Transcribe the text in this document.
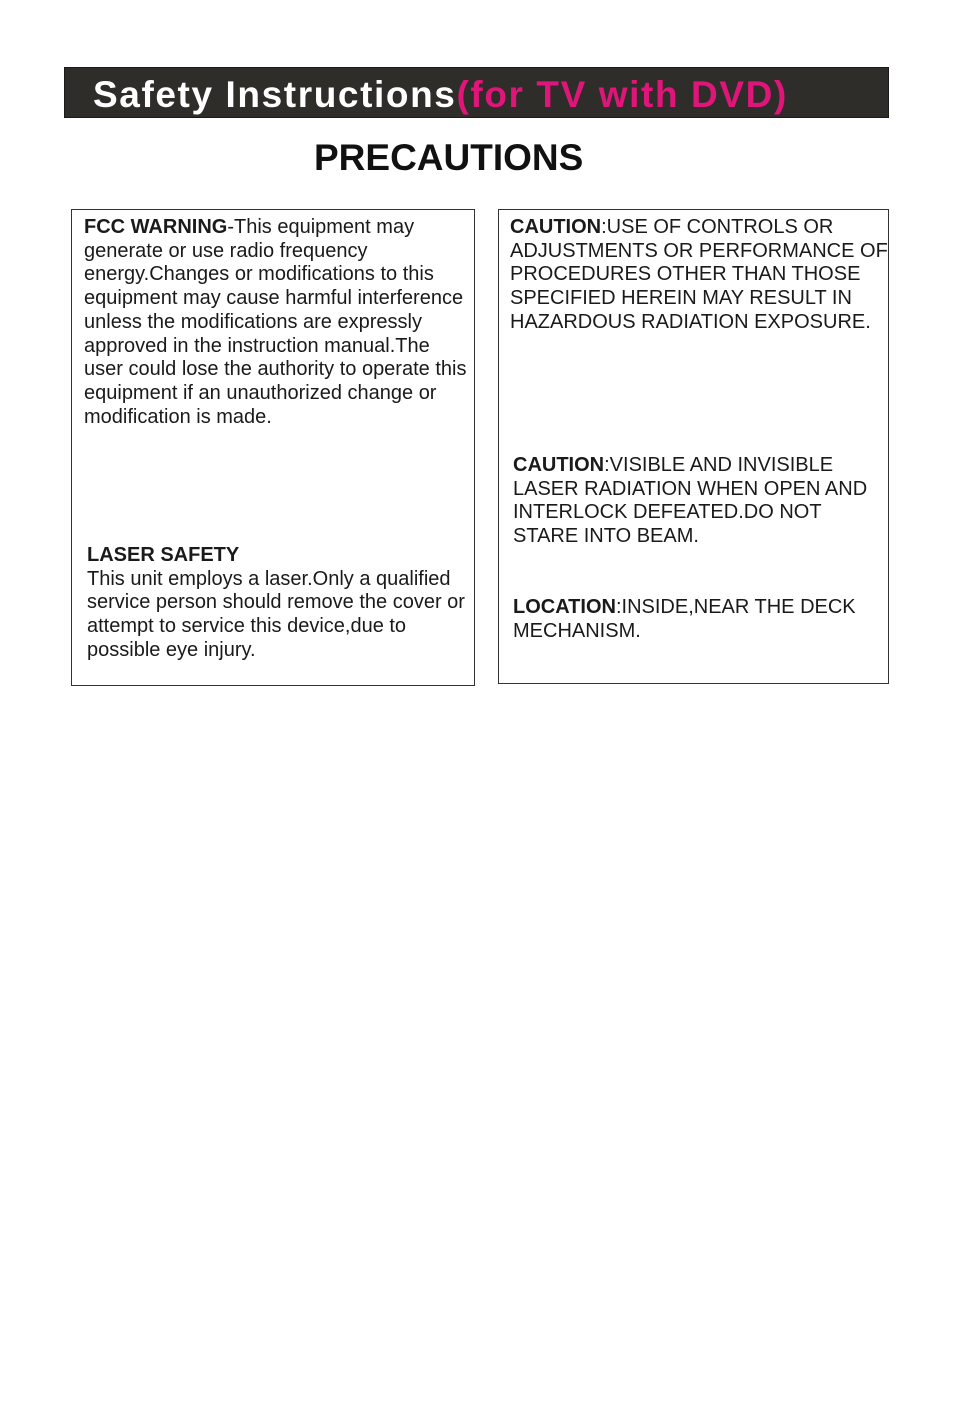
Safety Instructions(for TV with DVD)
PRECAUTIONS
FCC WARNING-This equipment may generate or use radio frequency energy.Changes or modifications to this equipment may cause harmful interference unless the modifications are expressly approved in the instruction manual.The user could lose the authority to operate this equipment if an unauthorized change or modification is made.
LASER SAFETY
This unit employs a laser.Only a qualified service person should remove the cover or attempt to service this device,due to possible eye injury.
CAUTION:USE OF CONTROLS OR ADJUSTMENTS OR PERFORMANCE OF PROCEDURES OTHER THAN THOSE SPECIFIED HEREIN MAY RESULT IN HAZARDOUS RADIATION EXPOSURE.
CAUTION:VISIBLE AND INVISIBLE LASER RADIATION WHEN OPEN AND INTERLOCK DEFEATED.DO NOT STARE INTO BEAM.
LOCATION:INSIDE,NEAR THE DECK MECHANISM.
